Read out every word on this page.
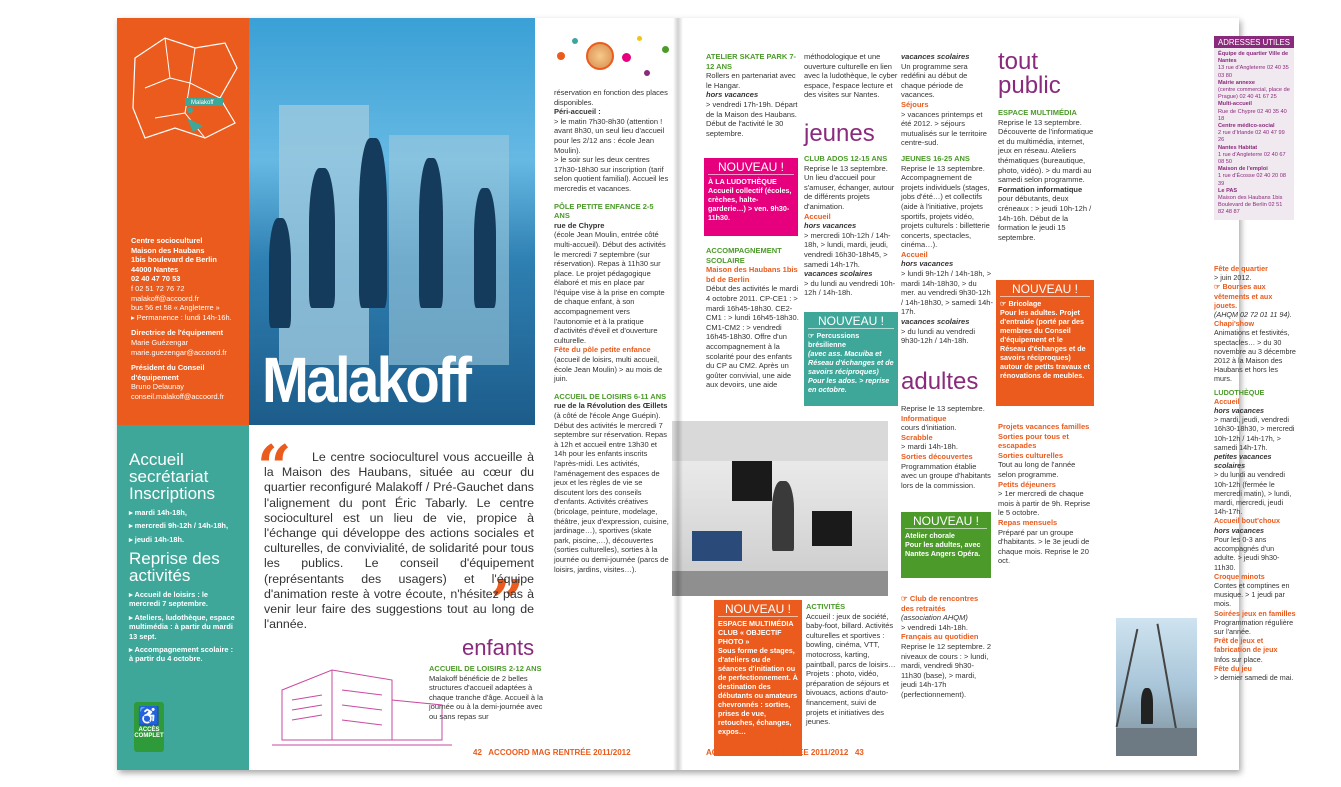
Malakoff
Centre socioculturel
Maison des Haubans
1bis boulevard de Berlin
44000 Nantes
02 40 47 70 53
f 02 51 72 76 72
malakoff@accoord.fr
bus 56 et 58 « Angleterre »
▸ Permanence : lundi 14h-16h.
Directrice de l'équipement
Marie Guézengar
marie.guezengar@accoord.fr
Président du Conseil d'équipement
Bruno Delaunay
conseil.malakoff@accoord.fr
Accueil secrétariat Inscriptions
▸ mardi 14h-18h,
▸ mercredi 9h-12h / 14h-18h,
▸ jeudi 14h-18h.
Reprise des activités
▸ Accueil de loisirs : le mercredi 7 septembre.
▸ Ateliers, ludothèque, espace multimédia : à partir du mardi 13 sept.
▸ Accompagnement scolaire : à partir du 4 octobre.
♿
ACCÈS COMPLET
Malakoff
“
”
Le centre socioculturel vous accueille à la Maison des Haubans, située au cœur du quartier reconfiguré Malakoff / Pré-Gauchet dans l'alignement du pont Éric Tabarly. Le centre socioculturel est un lieu de vie, propice à l'échange qui développe des actions sociales et culturelles, de convivialité, de solidarité pour tous les publics. Le conseil d'équipement (représentants des usagers) et l'équipe d'animation reste à votre écoute, n'hésitez pas à venir leur faire des suggestions tout au long de l'année.
enfants

ACCUEIL DE LOISIRS 2-12 ANS

Malakoff bénéficie de 2 belles structures d'accueil adaptées à chaque tranche d'âge. Accueil à la journée ou à la demi-journée avec ou sans repas sur

réservation en fonction des places disponibles.

Péri-accueil :

> le matin 7h30-8h30 (attention ! avant 8h30, un seul lieu d'accueil pour les 2/12 ans : école Jean Moulin).

> le soir sur les deux centres 17h30-18h30 sur inscription (tarif selon quotient familial). Accueil les mercredis et vacances.

PÔLE PETITE ENFANCE 2-5 ANS

rue de Chypre

(école Jean Moulin, entrée côté multi-accueil). Début des activités le mercredi 7 septembre (sur réservation). Repas à 11h30 sur place. Le projet pédagogique élaboré et mis en place par l'équipe vise à la prise en compte de chaque enfant, à son accompagnement vers l'autonomie et à la pratique d'activités d'éveil et d'ouverture culturelle.

Fête du pôle petite enfance

(accueil de loisirs, multi accueil, école Jean Moulin) > au mois de juin.

ACCUEIL DE LOISIRS 6-11 ANS

rue de la Révolution des Œillets

(à côté de l'école Ange Guépin). Début des activités le mercredi 7 septembre sur réservation. Repas à 12h et accueil entre 13h30 et 14h pour les enfants inscrits l'après-midi. Les activités, l'aménagement des espaces de jeux et les règles de vie se discutent lors des conseils d'enfants. Activités créatives (bricolage, peinture, modelage, théâtre, jeux d'expression, cuisine, jardinage…), sportives (skate park, piscine,…), découvertes (sorties culturelles), sorties à la journée ou demi-journée (parcs de loisirs, jardins, visites…).

42 ACCOORD MAG RENTRÉE 2011/2012

ATELIER SKATE PARK 7-12 ANS

Rollers en partenariat avec le Hangar.

hors vacances

> vendredi 17h-19h. Départ de la Maison des Haubans. Début de l'activité le 30 septembre.

NOUVEAU !
À LA LUDOTHÈQUE
Accueil collectif (écoles, crèches, halte-garderie…) > ven. 9h30-11h30.

ACCOMPAGNEMENT SCOLAIRE

Maison des Haubans 1bis bd de Berlin

Début des activités le mardi 4 octobre 2011. CP-CE1 : > mardi 16h45-18h30. CE2-CM1 : > lundi 16h45-18h30. CM1-CM2 : > vendredi 16h45-18h30. Offre d'un accompagnement à la scolarité pour des enfants du CP au CM2. Après un goûter convivial, une aide aux devoirs, une aide

méthodologique et une ouverture culturelle en lien avec la ludothèque, le cyber espace, l'espace lecture et des visites sur Nantes.

jeunes

CLUB ADOS 12-15 ANS

Reprise le 13 septembre. Un lieu d'accueil pour s'amuser, échanger, autour de différents projets d'animation.

Accueil

hors vacances

> mercredi 10h-12h / 14h-18h, > lundi, mardi, jeudi, vendredi 16h30-18h45, > samedi 14h-17h.

vacances scolaires

> du lundi au vendredi 10h-12h / 14h-18h.

NOUVEAU !
☞ Percussions brésilienne
(avec ass. Macuiba et Réseau d'échanges et de savoirs réciproques) Pour les ados. > reprise en octobre.

vacances scolaires

Un programme sera redéfini au début de chaque période de vacances.

Séjours

> vacances printemps et été 2012. > séjours mutualisés sur le territoire centre-sud.

JEUNES 16-25 ANS

Reprise le 13 septembre. Accompagnement de projets individuels (stages, jobs d'été…) et collectifs (aide à l'initiative, projets sportifs, projets vidéo, projets culturels : billetterie concerts, spectacles, cinéma…).

Accueil

hors vacances

> lundi 9h-12h / 14h-18h, > mardi 14h-18h30, > du mer. au vendredi 9h30-12h / 14h-18h30, > samedi 14h-17h.

vacances scolaires

> du lundi au vendredi 9h30-12h / 14h-18h.

adultes

Reprise le 13 septembre.

Informatique

cours d'initiation.

Scrabble

> mardi 14h-18h.

Sorties découvertes

Programmation établie avec un groupe d'habitants lors de la commission.

NOUVEAU !
Atelier chorale
Pour les adultes, avec Nantes Angers Opéra.
NOUVEAU !
ESPACE MULTIMÉDIA CLUB « OBJECTIF PHOTO »
Sous forme de stages, d'ateliers ou de séances d'initiation ou de perfectionnement. À destination des débutants ou amateurs chevronnés : sorties, prises de vue, retouches, échanges, expos…

ACTIVITÉS

Accueil : jeux de société, baby-foot, billard. Activités culturelles et sportives : bowling, cinéma, VTT, motocross, karting, paintball, parcs de loisirs… Projets : photo, vidéo, préparation de séjours et bivouacs, actions d'auto-financement, suivi de projets et initiatives des jeunes.

tout public

ESPACE MULTIMÉDIA

Reprise le 13 septembre. Découverte de l'informatique et du multimédia, internet, jeux en réseau. Ateliers thématiques (bureautique, photo, vidéo). > du mardi au samedi selon programme.

Formation informatique

pour débutants, deux créneaux : > jeudi 10h-12h / 14h-16h. Début de la formation le jeudi 15 septembre.

NOUVEAU !
☞ Bricolage
Pour les adultes. Projet d'entraide (porté par des membres du Conseil d'équipement et le Réseau d'échanges et de savoirs réciproques) autour de petits travaux et rénovations de meubles.

Projets vacances familles

Sorties pour tous et escapades

Sorties culturelles

Tout au long de l'année selon programme.

Petits déjeuners

> 1er mercredi de chaque mois à partir de 9h. Reprise le 5 octobre.

Repas mensuels

Préparé par un groupe d'habitants. > le 3e jeudi de chaque mois. Reprise le 20 oct.

☞ Club de rencontres des retraités

(association AHQM)

> vendredi 14h-18h.

Français au quotidien

Reprise le 12 septembre. 2 niveaux de cours : > lundi, mardi, vendredi 9h30-11h30 (base), > mardi, jeudi 14h-17h (perfectionnement).

ADRESSES UTILES

Équipe de quartier Ville de Nantes

13 rue d'Angleterre 02 40 35 03 80

Mairie annexe

(centre commercial, place de Prague) 02 40 41 67 25

Multi-accueil

Rue de Chypre 02 40 35 40 18

Centre médico-social

2 rue d'Irlande 02 40 47 99 26

Nantes Habitat

1 rue d'Angleterre 02 40 67 08 50

Maison de l'emploi

1 rue d'Écosse 02 40 20 08 39

Le PAS

Maison des Haubans 1bis Boulevard de Berlin 02 51 82 48 87

Fête de quartier

> juin 2012.

☞ Bourses aux vêtements et aux jouets.

(AHQM 02 72 01 11 94).

Chapi'show

Animations et festivités, spectacles… > du 30 novembre au 3 décembre 2012 à la Maison des Haubans et hors les murs.

LUDOTHÈQUE

Accueil

hors vacances

> mardi, jeudi, vendredi 16h30-18h30, > mercredi 10h-12h / 14h-17h, > samedi 14h-17h.

petites vacances scolaires

> du lundi au vendredi 10h-12h (fermée le mercredi matin), > lundi, mardi, mercredi, jeudi 14h-17h.

Accueil bout'choux

hors vacances

Pour les 0-3 ans accompagnés d'un adulte. > jeudi 9h30-11h30.

Croque minots

Contes et comptines en musique. > 1 jeudi par mois.

Soirées jeux en familles

Programmation régulière sur l'année.

Prêt de jeux et fabrication de jeux

Infos sur place.

Fête du jeu

> dernier samedi de mai.

ACCOORD MAG RENTRÉE 2011/2012 43
